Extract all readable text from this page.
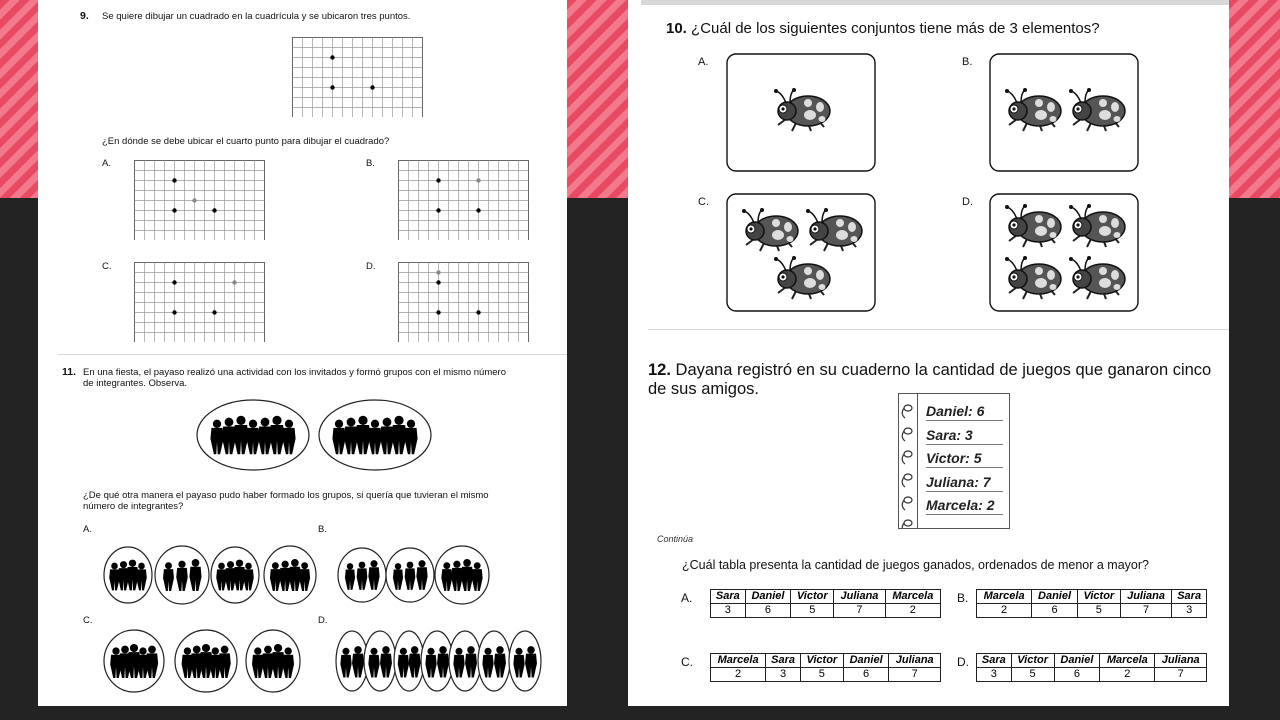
9. Se quiere dibujar un cuadrado en la cuadrícula y se ubicaron tres puntos.
¿En dónde se debe ubicar el cuarto punto para dibujar el cuadrado?
A.	B.
C.	D.
11. En una fiesta, el payaso realizó una actividad con los invitados y formó grupos con el mismo número
de integrantes. Observa.
¿De qué otra manera el payaso pudo haber formado los grupos, si quería que tuvieran el mismo
número de integrantes?
A.	B.
C.	D.
10. ¿Cuál de los siguientes conjuntos tiene más de 3 elementos?
A.	B.
C.	D.
12. Dayana registró en su cuaderno la cantidad de juegos que ganaron cinco de sus amigos.
Daniel: 6
Sara: 3
Victor: 5
Juliana: 7
Marcela: 2
Continúa
¿Cuál tabla presenta la cantidad de juegos ganados, ordenados de menor a mayor?
A. Sara	Daniel	Victor	Juliana	Marcela
3	6	5	7	2
B. Marcela	Daniel	Victor	Juliana	Sara
2	6	5	7	3
C. Marcela	Sara	Victor	Daniel	Juliana
2	3	5	6	7
D. Sara	Victor	Daniel	Marcela	Juliana
3	5	6	2	7
